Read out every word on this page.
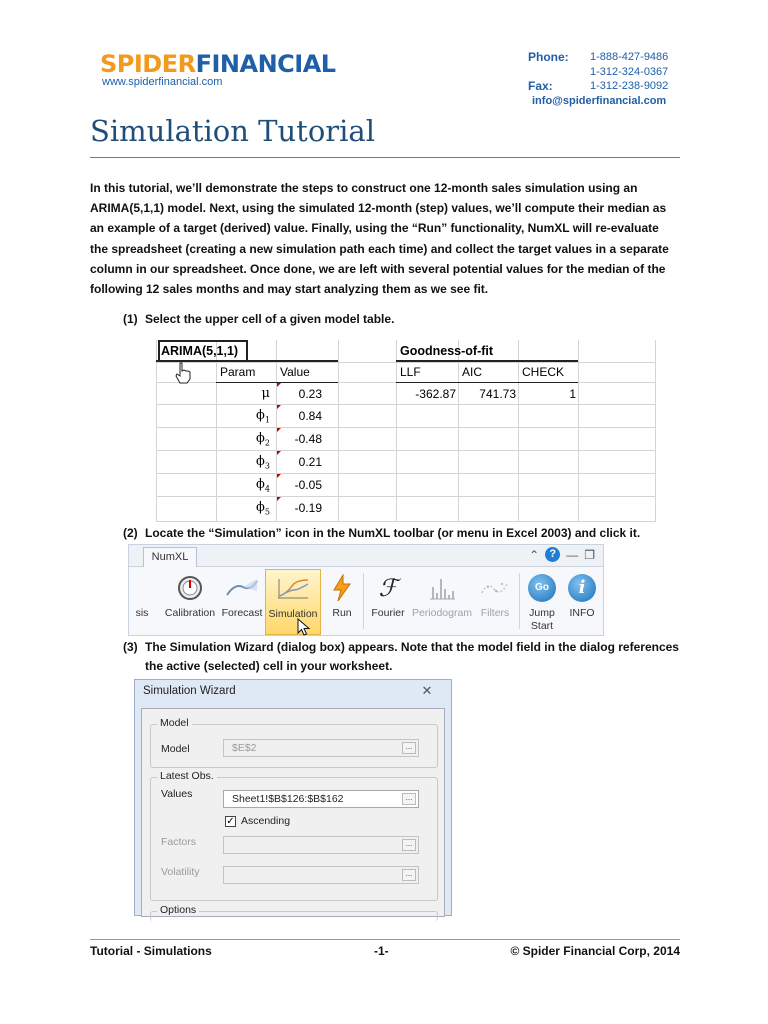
SPIDERFINANCIAL
www.spiderfinancial.com
Phone:	1-888-427-9486
1-312-324-0367
Fax:	1-312-238-9092
info@spiderfinancial.com
Simulation Tutorial
In this tutorial, we’ll demonstrate the steps to construct one 12-month sales simulation using an ARIMA(5,1,1) model. Next, using the simulated 12-month (step) values, we’ll compute their median as an example of a target (derived) value. Finally, using the “Run” functionality, NumXL will re-evaluate the spreadsheet (creating a new simulation path each time) and collect the target values in a separate column in our spreadsheet. Once done, we are left with several potential values for the median of the following 12 sales months and may start analyzing them as we see fit.
(1) Select the upper cell of a given model table.
ARIMA(5,1,1)
Param	Value
μ	0.23
$\phi_1$	0.84
$\phi_2$	-0.48
$\phi_3$	0.21
$\phi_4$	-0.05
$\phi_5$	-0.19
Goodness-of-fit
LLF	AIC	CHECK
-362.87	741.73	1
(2) Locate the “Simulation” icon in the NumXL toolbar (or menu in Excel 2003) and click it.
NumXL	⌃ ? — ❐
sis	Calibration Forecast Simulation	Run
ℱ
Fourier Periodogram Filters
Go
Jump
Start
i
INFO
(3) The Simulation Wizard (dialog box) appears. Note that the model field in the dialog references
the active (selected) cell in your worksheet.
Simulation Wizard	✕
Model
Model	$E$2	...
Latest Obs.
Values	Sheet1!$B$126:$B$162	...
✓ Ascending
Factors	...
Volatility	...
Options
Tutorial - Simulations	-1-	© Spider Financial Corp, 2014
